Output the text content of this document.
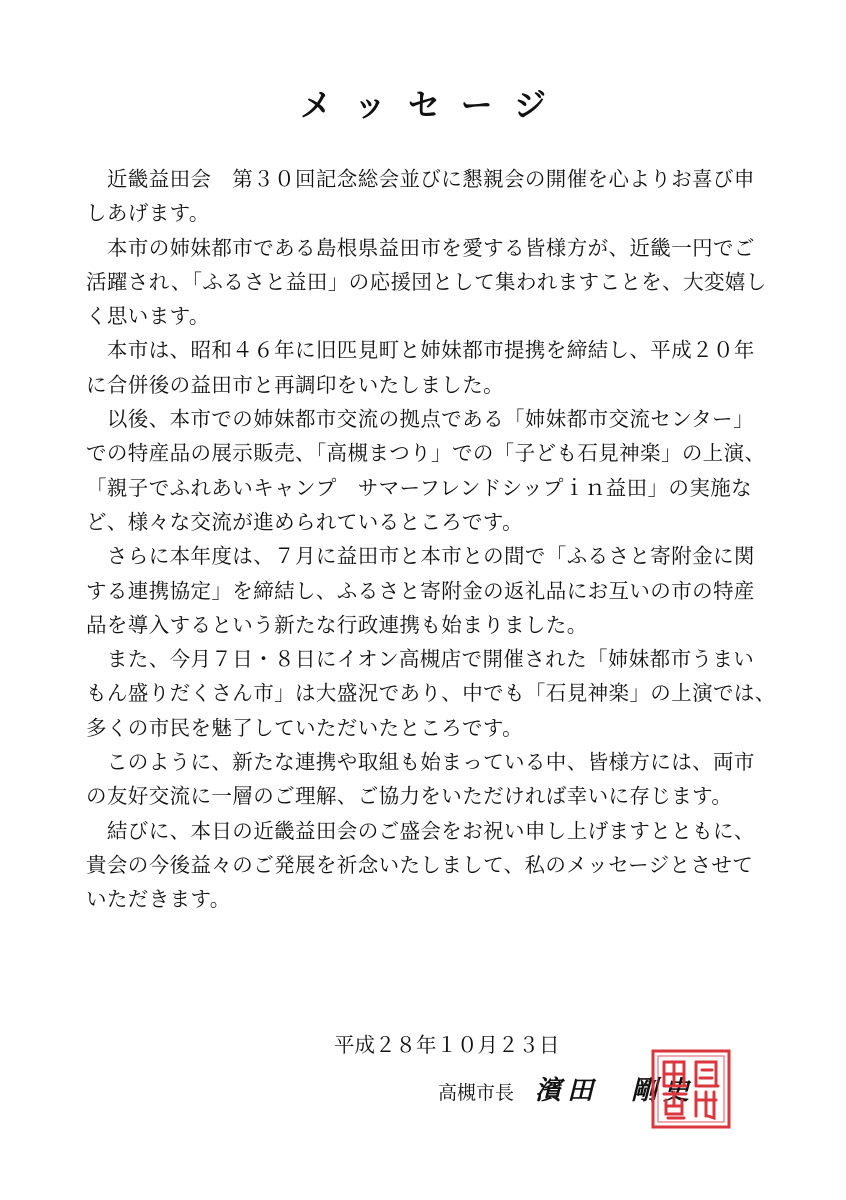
メッセージ
　近畿益田会　第３０回記念総会並びに懇親会の開催を心よりお喜び申
しあげます。
　本市の姉妹都市である島根県益田市を愛する皆様方が、近畿一円でご
活躍され、「ふるさと益田」の応援団として集われますことを、大変嬉し
く思います。
　本市は、昭和４６年に旧匹見町と姉妹都市提携を締結し、平成２０年
に合併後の益田市と再調印をいたしました。
　以後、本市での姉妹都市交流の拠点である「姉妹都市交流センター」
での特産品の展示販売、「高槻まつり」での「子ども石見神楽」の上演、
「親子でふれあいキャンプ　サマーフレンドシップｉｎ益田」の実施な
ど、様々な交流が進められているところです。
　さらに本年度は、７月に益田市と本市との間で「ふるさと寄附金に関
する連携協定」を締結し、ふるさと寄附金の返礼品にお互いの市の特産
品を導入するという新たな行政連携も始まりました。
　また、今月７日・８日にイオン高槻店で開催された「姉妹都市うまい
もん盛りだくさん市」は大盛況であり、中でも「石見神楽」の上演では、
多くの市民を魅了していただいたところです。
　このように、新たな連携や取組も始まっている中、皆様方には、両市
の友好交流に一層のご理解、ご協力をいただければ幸いに存じます。
　結びに、本日の近畿益田会のご盛会をお祝い申し上げますとともに、
貴会の今後益々のご発展を祈念いたしまして、私のメッセージとさせて
いただきます。
平成２８年１０月２３日
高槻市長 濱田　剛史
